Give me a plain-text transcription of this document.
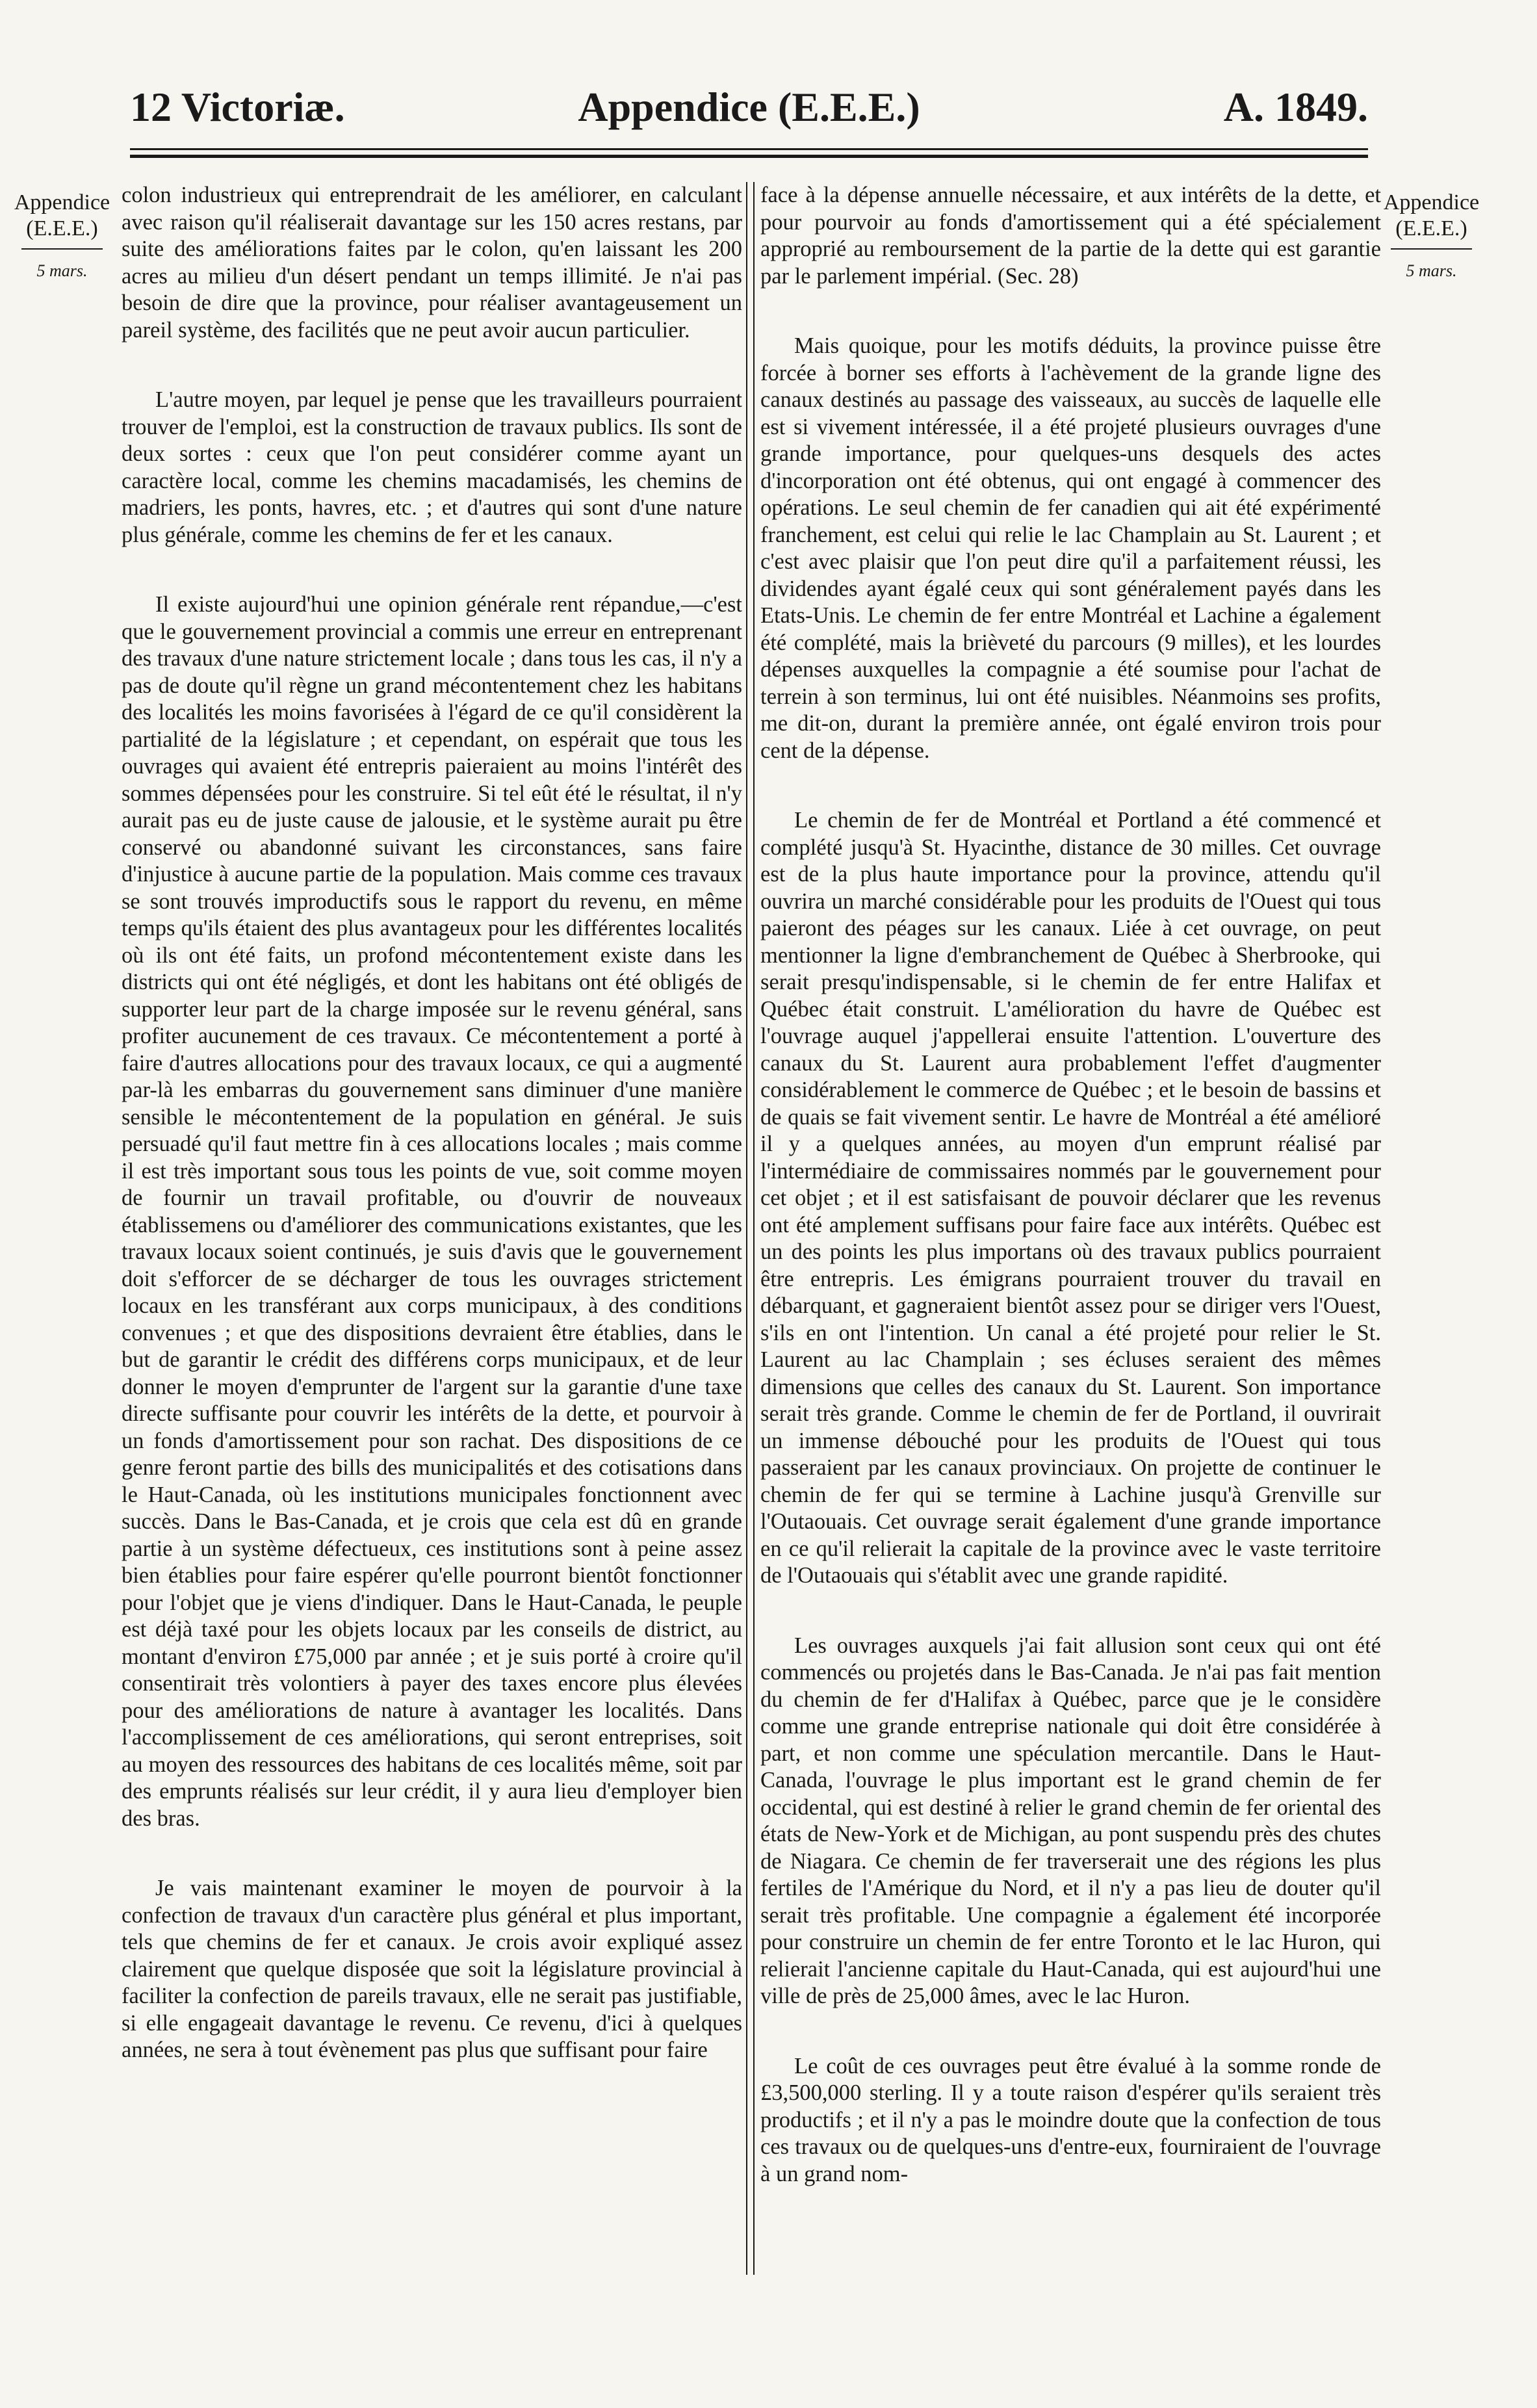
12 Victoriæ.	Appendice (E.E.E.)	A. 1849.
Appendice
(E.E.E.)
5 mars.
Appendice
(E.E.E.)
5 mars.

colon industrieux qui entreprendrait de les améliorer, en calculant avec raison qu'il réaliserait davantage sur les 150 acres restans, par suite des améliorations faites par le colon, qu'en laissant les 200 acres au milieu d'un désert pendant un temps illimité. Je n'ai pas besoin de dire que la province, pour réaliser avantageusement un pareil système, des facilités que ne peut avoir aucun particulier.

L'autre moyen, par lequel je pense que les travailleurs pourraient trouver de l'emploi, est la construction de travaux publics. Ils sont de deux sortes : ceux que l'on peut considérer comme ayant un caractère local, comme les chemins macadamisés, les chemins de madriers, les ponts, havres, etc. ; et d'autres qui sont d'une nature plus générale, comme les chemins de fer et les canaux.

Il existe aujourd'hui une opinion générale rent répandue,—c'est que le gouvernement provincial a commis une erreur en entreprenant des travaux d'une nature strictement locale ; dans tous les cas, il n'y a pas de doute qu'il règne un grand mécontentement chez les habitans des localités les moins favorisées à l'égard de ce qu'il considèrent la partialité de la législature ; et cependant, on espérait que tous les ouvrages qui avaient été entrepris paieraient au moins l'intérêt des sommes dépensées pour les construire. Si tel eût été le résultat, il n'y aurait pas eu de juste cause de jalousie, et le système aurait pu être conservé ou abandonné suivant les circonstances, sans faire d'injustice à aucune partie de la population. Mais comme ces travaux se sont trouvés improductifs sous le rapport du revenu, en même temps qu'ils étaient des plus avantageux pour les différentes localités où ils ont été faits, un profond mécontentement existe dans les districts qui ont été négligés, et dont les habitans ont été obligés de supporter leur part de la charge imposée sur le revenu général, sans profiter aucunement de ces travaux. Ce mécontentement a porté à faire d'autres allocations pour des travaux locaux, ce qui a augmenté par-là les embarras du gouvernement sans diminuer d'une manière sensible le mécontentement de la population en général. Je suis persuadé qu'il faut mettre fin à ces allocations locales ; mais comme il est très important sous tous les points de vue, soit comme moyen de fournir un travail profitable, ou d'ouvrir de nouveaux établissemens ou d'améliorer des communications existantes, que les travaux locaux soient continués, je suis d'avis que le gouvernement doit s'efforcer de se décharger de tous les ouvrages strictement locaux en les transférant aux corps municipaux, à des conditions convenues ; et que des dispositions devraient être établies, dans le but de garantir le crédit des différens corps municipaux, et de leur donner le moyen d'emprunter de l'argent sur la garantie d'une taxe directe suffisante pour couvrir les intérêts de la dette, et pourvoir à un fonds d'amortissement pour son rachat. Des dispositions de ce genre feront partie des bills des municipalités et des cotisations dans le Haut-Canada, où les institutions municipales fonctionnent avec succès. Dans le Bas-Canada, et je crois que cela est dû en grande partie à un système défectueux, ces institutions sont à peine assez bien établies pour faire espérer qu'elle pourront bientôt fonctionner pour l'objet que je viens d'indiquer. Dans le Haut-Canada, le peuple est déjà taxé pour les objets locaux par les conseils de district, au montant d'environ £75,000 par année ; et je suis porté à croire qu'il consentirait très volontiers à payer des taxes encore plus élevées pour des améliorations de nature à avantager les localités. Dans l'accomplissement de ces améliorations, qui seront entreprises, soit au moyen des ressources des habitans de ces localités même, soit par des emprunts réalisés sur leur crédit, il y aura lieu d'employer bien des bras.

Je vais maintenant examiner le moyen de pourvoir à la confection de travaux d'un caractère plus général et plus important, tels que chemins de fer et canaux. Je crois avoir expliqué assez clairement que quelque disposée que soit la législature provincial à faciliter la confection de pareils travaux, elle ne serait pas justifiable, si elle engageait davantage le revenu. Ce revenu, d'ici à quelques années, ne sera à tout évènement pas plus que suffisant pour faire

face à la dépense annuelle nécessaire, et aux intérêts de la dette, et pour pourvoir au fonds d'amortissement qui a été spécialement approprié au remboursement de la partie de la dette qui est garantie par le parlement impérial. (Sec. 28)

Mais quoique, pour les motifs déduits, la province puisse être forcée à borner ses efforts à l'achèvement de la grande ligne des canaux destinés au passage des vaisseaux, au succès de laquelle elle est si vivement intéressée, il a été projeté plusieurs ouvrages d'une grande importance, pour quelques-uns desquels des actes d'incorporation ont été obtenus, qui ont engagé à commencer des opérations. Le seul chemin de fer canadien qui ait été expérimenté franchement, est celui qui relie le lac Champlain au St. Laurent ; et c'est avec plaisir que l'on peut dire qu'il a parfaitement réussi, les dividendes ayant égalé ceux qui sont généralement payés dans les Etats-Unis. Le chemin de fer entre Montréal et Lachine a également été complété, mais la brièveté du parcours (9 milles), et les lourdes dépenses auxquelles la compagnie a été soumise pour l'achat de terrein à son terminus, lui ont été nuisibles. Néanmoins ses profits, me dit-on, durant la première année, ont égalé environ trois pour cent de la dépense.

Le chemin de fer de Montréal et Portland a été commencé et complété jusqu'à St. Hyacinthe, distance de 30 milles. Cet ouvrage est de la plus haute importance pour la province, attendu qu'il ouvrira un marché considérable pour les produits de l'Ouest qui tous paieront des péages sur les canaux. Liée à cet ouvrage, on peut mentionner la ligne d'embranchement de Québec à Sherbrooke, qui serait presqu'indispensable, si le chemin de fer entre Halifax et Québec était construit. L'amélioration du havre de Québec est l'ouvrage auquel j'appellerai ensuite l'attention. L'ouverture des canaux du St. Laurent aura probablement l'effet d'augmenter considérablement le commerce de Québec ; et le besoin de bassins et de quais se fait vivement sentir. Le havre de Montréal a été amélioré il y a quelques années, au moyen d'un emprunt réalisé par l'intermédiaire de commissaires nommés par le gouvernement pour cet objet ; et il est satisfaisant de pouvoir déclarer que les revenus ont été amplement suffisans pour faire face aux intérêts. Québec est un des points les plus importans où des travaux publics pourraient être entrepris. Les émigrans pourraient trouver du travail en débarquant, et gagneraient bientôt assez pour se diriger vers l'Ouest, s'ils en ont l'intention. Un canal a été projeté pour relier le St. Laurent au lac Champlain ; ses écluses seraient des mêmes dimensions que celles des canaux du St. Laurent. Son importance serait très grande. Comme le chemin de fer de Portland, il ouvrirait un immense débouché pour les produits de l'Ouest qui tous passeraient par les canaux provinciaux. On projette de continuer le chemin de fer qui se termine à Lachine jusqu'à Grenville sur l'Outaouais. Cet ouvrage serait également d'une grande importance en ce qu'il relierait la capitale de la province avec le vaste territoire de l'Outaouais qui s'établit avec une grande rapidité.

Les ouvrages auxquels j'ai fait allusion sont ceux qui ont été commencés ou projetés dans le Bas-Canada. Je n'ai pas fait mention du chemin de fer d'Halifax à Québec, parce que je le considère comme une grande entreprise nationale qui doit être considérée à part, et non comme une spéculation mercantile. Dans le Haut-Canada, l'ouvrage le plus important est le grand chemin de fer occidental, qui est destiné à relier le grand chemin de fer oriental des états de New-York et de Michigan, au pont suspendu près des chutes de Niagara. Ce chemin de fer traverserait une des régions les plus fertiles de l'Amérique du Nord, et il n'y a pas lieu de douter qu'il serait très profitable. Une compagnie a également été incorporée pour construire un chemin de fer entre Toronto et le lac Huron, qui relierait l'ancienne capitale du Haut-Canada, qui est aujourd'hui une ville de près de 25,000 âmes, avec le lac Huron.

Le coût de ces ouvrages peut être évalué à la somme ronde de £3,500,000 sterling. Il y a toute raison d'espérer qu'ils seraient très productifs ; et il n'y a pas le moindre doute que la confection de tous ces travaux ou de quelques-uns d'entre-eux, fourniraient de l'ouvrage à un grand nom-
